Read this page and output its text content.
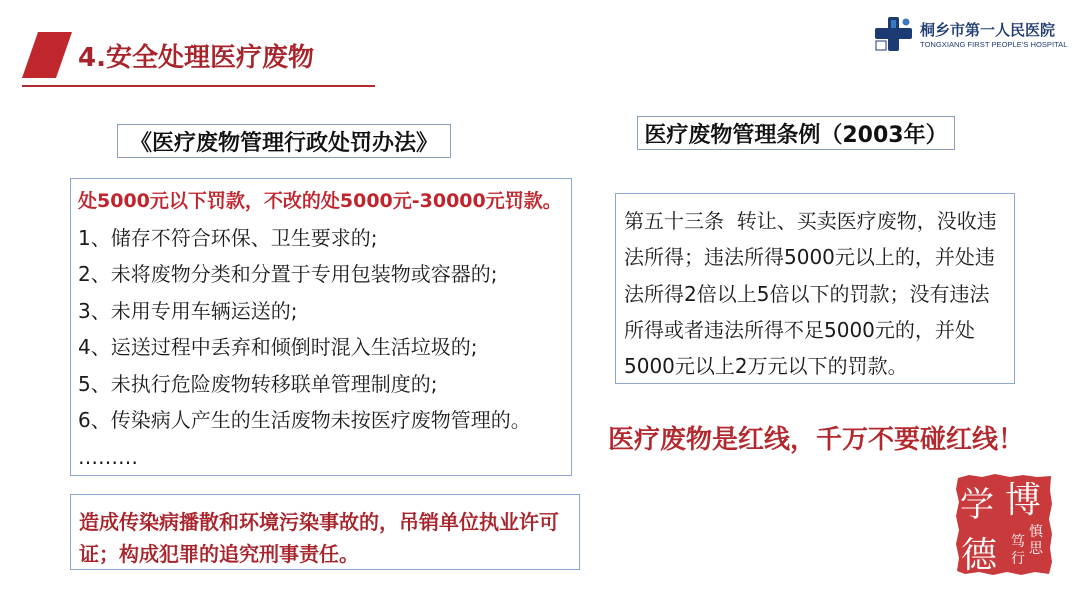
4.安全处理医疗废物
桐乡市第一人民医院
TONGXIANG FIRST PEOPLE'S HOSPITAL
《医疗废物管理行政处罚办法》	医疗废物管理条例（2003年）
处5000元以下罚款，不改的处5000元-30000元罚款。
1、储存不符合环保、卫生要求的;
2、未将废物分类和分置于专用包装物或容器的;
3、未用专用车辆运送的;
4、运送过程中丢弃和倾倒时混入生活垃圾的;
5、未执行危险废物转移联单管理制度的;
6、传染病人产生的生活废物未按医疗废物管理的。
………
造成传染病播散和环境污染事故的，吊销单位执业许可
证；构成犯罪的追究刑事责任。
第五十三条  转让、买卖医疗废物，没收违
法所得；违法所得5000元以上的，并处违
法所得2倍以上5倍以下的罚款；没有违法
所得或者违法所得不足5000元的，并处
5000元以上2万元以下的罚款。
医疗废物是红线，千万不要碰红线！
学 博
德
慎
思
笃
行
